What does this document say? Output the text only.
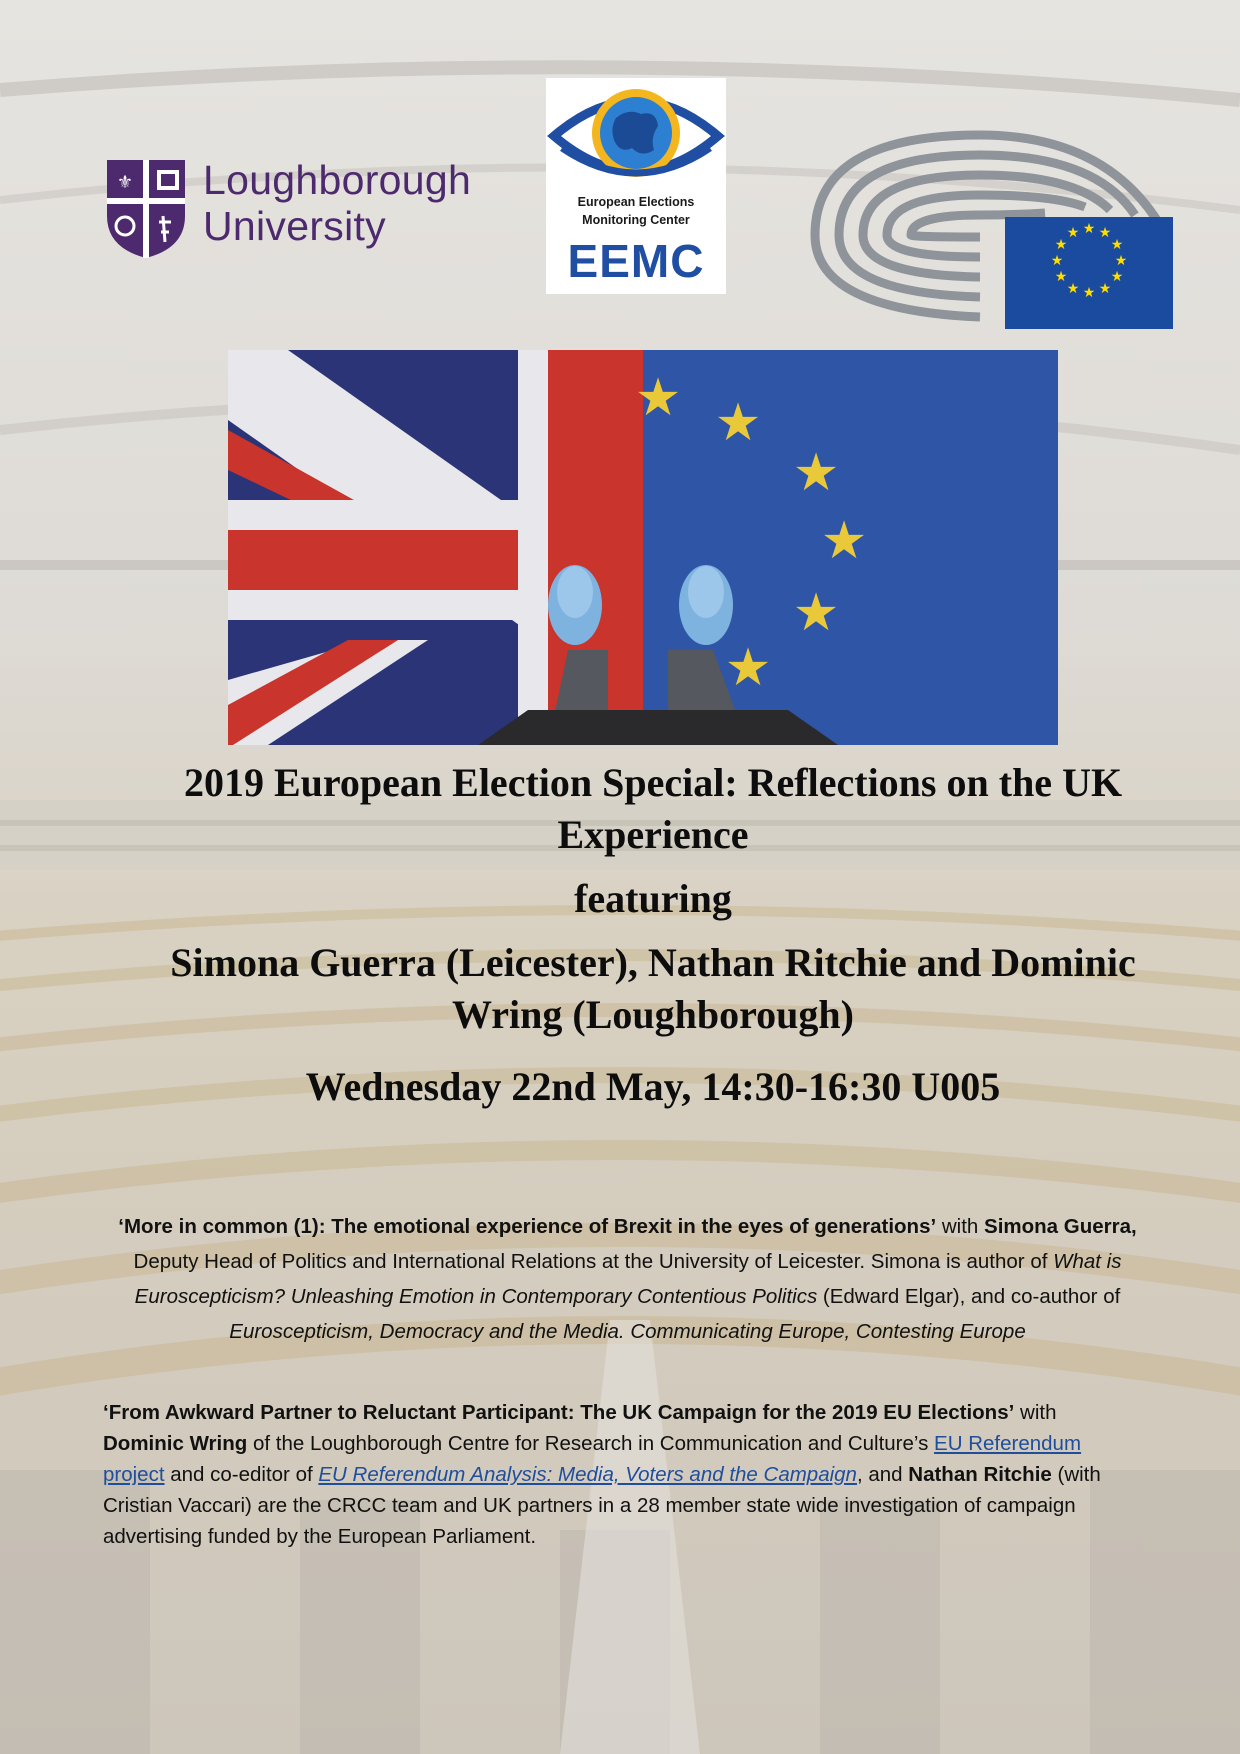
⚜ Loughborough
University
European Elections
Monitoring Center
EEMC
★ ★
★
★
★
★
★
★
★
★
★
★
★ ★
★
★
★
★
2019 European Election Special: Reflections on the UK
Experience
featuring
Simona Guerra (Leicester), Nathan Ritchie and Dominic
Wring (Loughborough)
Wednesday 22nd May, 14:30-16:30 U005
‘More in common (1): The emotional experience of Brexit in the eyes of generations’ with Simona Guerra, Deputy Head of Politics and International Relations at the University of Leicester. Simona is author of What is Euroscepticism? Unleashing Emotion in Contemporary Contentious Politics (Edward Elgar), and co-author of Euroscepticism, Democracy and the Media. Communicating Europe, Contesting Europe
‘From Awkward Partner to Reluctant Participant: The UK Campaign for the 2019 EU Elections’ with
Dominic Wring of the Loughborough Centre for Research in Communication and Culture’s EU Referendum project and co-editor of EU Referendum Analysis: Media, Voters and the Campaign, and Nathan Ritchie (with Cristian Vaccari) are the CRCC team and UK partners in a 28 member state wide investigation of campaign advertising funded by the European Parliament.
